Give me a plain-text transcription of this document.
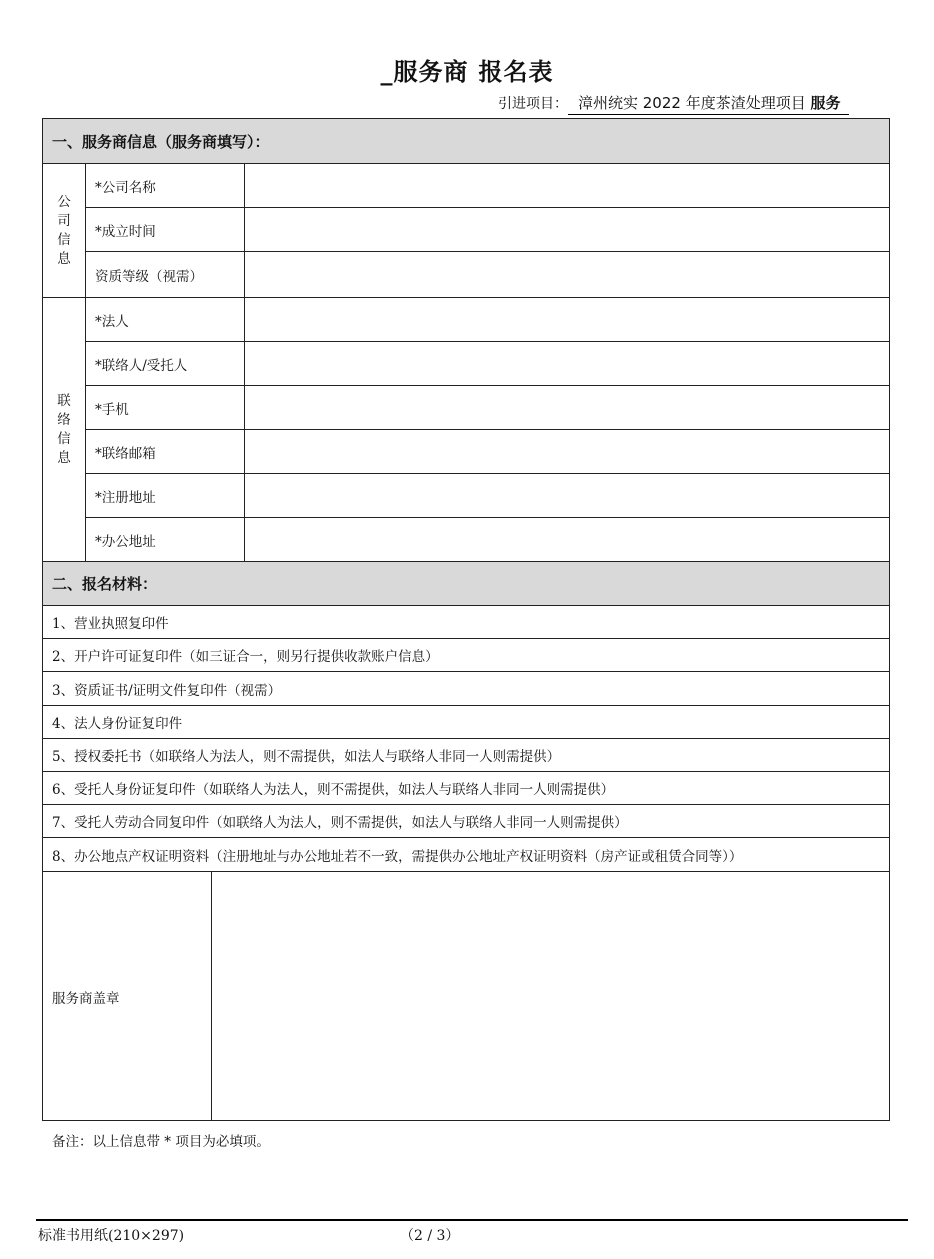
_服务商 报名表
引进项目： 漳州统实 2022 年度茶渣处理项目 服务
一、服务商信息（服务商填写）：		

公
司
信
息	*公司名称	
	*成立时间	
	资质等级（视需）	

联
络
信
息	*法人	
	*联络人/受托人	
	*手机	
	*联络邮箱	
	*注册地址	
	*办公地址	
二、报名材料：		
1、营业执照复印件		
2、开户许可证复印件（如三证合一，则另行提供收款账户信息）		
3、资质证书/证明文件复印件（视需）		
4、法人身份证复印件		
5、授权委托书（如联络人为法人，则不需提供，如法人与联络人非同一人则需提供）		
6、受托人身份证复印件（如联络人为法人，则不需提供，如法人与联络人非同一人则需提供）		
7、受托人劳动合同复印件（如联络人为法人，则不需提供，如法人与联络人非同一人则需提供）		
8、办公地点产权证明资料（注册地址与办公地址若不一致，需提供办公地址产权证明资料（房产证或租赁合同等））		
服务商盖章
备注：以上信息带 * 项目为必填项。
标准书用纸(210×297)	（2 / 3）
